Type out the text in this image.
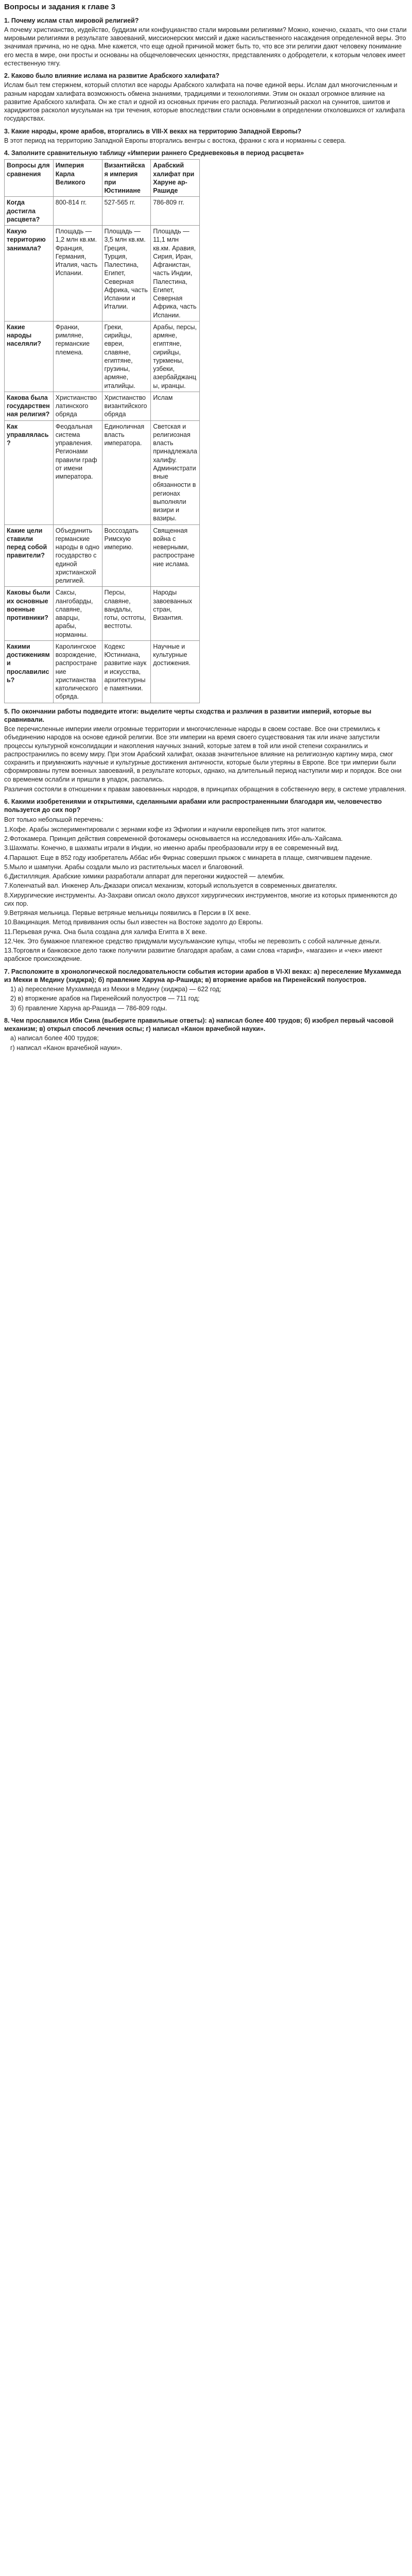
Вопросы и задания к главе 3
1. Почему ислам стал мировой религией?
А почему христианство, иудейство, буддизм или конфуцианство стали мировыми религиями? Можно, конечно, сказать, что они стали мировыми религиями в результате завоеваний, миссионерских миссий и даже насильственного насаждения определенной веры. Это значимая причина, но не одна. Мне кажется, что еще одной причиной может быть то, что все эти религии дают человеку понимание его места в мире, они просты и основаны на общечеловеческих ценностях, представлениях о добродетели, к которым человек имеет естественную тягу.
2. Каково было влияние ислама на развитие Арабского халифата?
Ислам был тем стержнем, который сплотил все народы Арабского халифата на почве единой веры. Ислам дал многочисленным и разным народам халифата возможность обмена знаниями, традициями и технологиями. Этим он оказал огромное влияние на развитие Арабского халифата. Он же стал и одной из основных причин его распада. Религиозный раскол на суннитов, шиитов и хариджитов расколол мусульман на три течения, которые впоследствии стали основными в определении отколовшихся от халифата государствах.
3. Какие народы, кроме арабов, вторгались в VIII-X веках на территорию Западной Европы?
В этот период на территорию Западной Европы вторгались венгры с востока, франки с юга и норманны с севера.
4. Заполните сравнительную таблицу «Империи раннего Средневековья в период расцвета»
Вопросы для сравнения	Империя Карла Великого	Византийская империя при Юстиниане	Арабский халифат при Харуне ар-Рашиде
Когда достигла расцвета?	800-814 гг.	527-565 гг.	786-809 гг.
Какую территорию занимала?	Площадь — 1,2 млн кв.км. Франция, Германия, Италия, часть Испании.	Площадь — 3,5 млн кв.км. Греция, Турция, Палестина, Египет, Северная Африка, часть Испании и Италии.	Площадь — 11,1 млн кв.км. Аравия, Сирия, Иран, Афганистан, часть Индии, Палестина, Египет, Северная Африка, часть Испании.
Какие народы населяли?	Франки, римляне, германские племена.	Греки, сирийцы, евреи, славяне, египтяне, грузины, армяне, италийцы.	Арабы, персы, армяне, египтяне, сирийцы, туркмены, узбеки, азербайджанцы, иранцы.
Какова была государственная религия?	Христианство латинского обряда	Христианство византийского обряда	Ислам
Как управлялась?	Феодальная система управления. Регионами правили граф от имени императора.	Единоличная власть императора.	Светская и религиозная власть принадлежала халифу. Административные обязанности в регионах выполняли визири и вазиры.
Какие цели ставили перед собой правители?	Объединить германские народы в одно государство с единой христианской религией.	Воссоздать Римскую империю.	Священная война с неверными, распространение ислама.
Каковы были их основные военные противники?	Саксы, лангобарды, славяне, аварцы, арабы, норманны.	Персы, славяне, вандалы, готы, остготы, вестготы.	Народы завоеванных стран, Византия.
Какими достижениями прославились?	Каролингское возрождение, распространение христианства католического обряда.	Кодекс Юстиниана, развитие наук и искусства, архитектурные памятники.	Научные и культурные достижения.
5. По окончании работы подведите итоги: выделите черты сходства и различия в развитии империй, которые вы сравнивали.
Все перечисленные империи имели огромные территории и многочисленные народы в своем составе. Все они стремились к объединению народов на основе единой религии. Все эти империи на время своего существования так или иначе запустили процессы культурной консолидации и накопления научных знаний, которые затем в той или иной степени сохранились и распространились по всему миру. При этом Арабский халифат, оказав значительное влияние на религиозную картину мира, смог сохранить и приумножить научные и культурные достижения античности, которые были утеряны в Европе. Все три империи были сформированы путем военных завоеваний, в результате которых, однако, на длительный период наступили мир и порядок. Все они со временем ослабли и пришли в упадок, распались.
Различия состояли в отношении к правам завоеванных народов, в принципах обращения в собственную веру, в системе управления.
6. Какими изобретениями и открытиями, сделанными арабами или распространенными благодаря им, человечество пользуется до сих пор?
Вот только небольшой перечень:
1.Кофе. Арабы экспериментировали с зернами кофе из Эфиопии и научили европейцев пить этот напиток.
2.Фотокамера. Принцип действия современной фотокамеры основывается на исследованиях Ибн-аль-Хайсама.
3.Шахматы. Конечно, в шахматы играли в Индии, но именно арабы преобразовали игру в ее современный вид.
4.Парашют. Еще в 852 году изобретатель Аббас ибн Фирнас совершил прыжок с минарета в плаще, смягчившем падение.
5.Мыло и шампуни. Арабы создали мыло из растительных масел и благовоний.
6.Дистилляция. Арабские химики разработали аппарат для перегонки жидкостей — алембик.
7.Коленчатый вал. Инженер Аль-Джазари описал механизм, который используется в современных двигателях.
8.Хирургические инструменты. Аз-Захрави описал около двухсот хирургических инструментов, многие из которых применяются до сих пор.
9.Ветряная мельница. Первые ветряные мельницы появились в Персии в IX веке.
10.Вакцинация. Метод прививания оспы был известен на Востоке задолго до Европы.
11.Перьевая ручка. Она была создана для халифа Египта в X веке.
12.Чек. Это бумажное платежное средство придумали мусульманские купцы, чтобы не перевозить с собой наличные деньги.
13.Торговля и банковское дело также получили развитие благодаря арабам, а сами слова «тариф», «магазин» и «чек» имеют арабское происхождение.
7. Расположите в хронологической последовательности события истории арабов в VI-XI веках: а) переселение Мухаммеда из Мекки в Медину (хиджра); б) правление Харуна ар-Рашида; в) вторжение арабов на Пиренейский полуостров.
1) а) переселение Мухаммеда из Мекки в Медину (хиджра) — 622 год;
2) в) вторжение арабов на Пиренейский полуостров — 711 год;
3) б) правление Харуна ар-Рашида — 786-809 годы.
8. Чем прославился Ибн Сина (выберите правильные ответы): а) написал более 400 трудов; б) изобрел первый часовой механизм; в) открыл способ лечения оспы; г) написал «Канон врачебной науки».
а) написал более 400 трудов;
г) написал «Канон врачебной науки».
